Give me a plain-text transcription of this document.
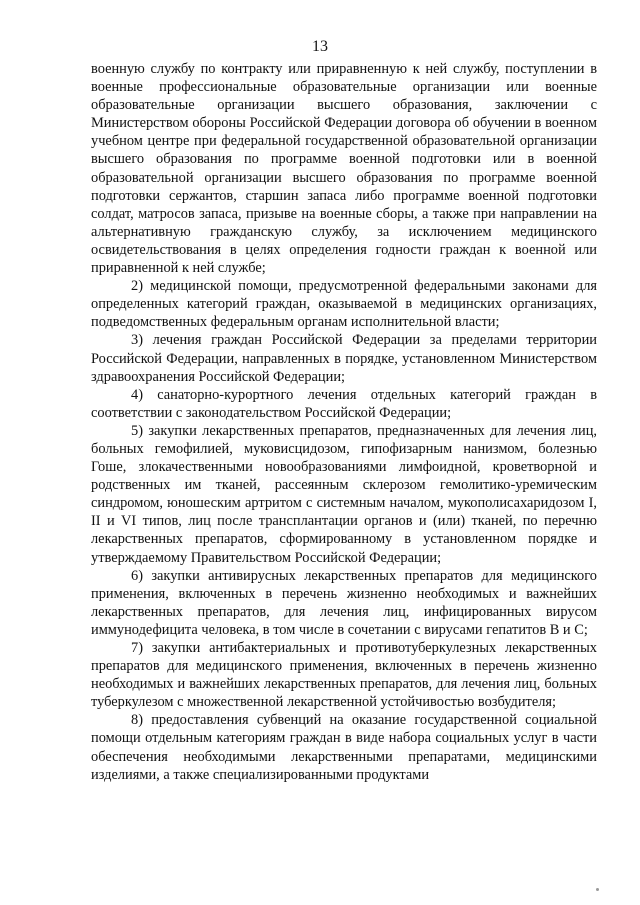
13

военную службу по контракту или приравненную к ней службу, поступлении в военные профессиональные образовательные организации или военные образовательные организации высшего образования, заключении с Министерством обороны Российской Федерации договора об обучении в военном учебном центре при федеральной государственной образовательной организации высшего образования по программе военной подготовки или в военной образовательной организации высшего образования по программе военной подготовки сержантов, старшин запаса либо программе военной подготовки солдат, матросов запаса, призыве на военные сборы, а также при направлении на альтернативную гражданскую службу, за исключением медицинского освидетельствования в целях определения годности граждан к военной или приравненной к ней службе;

2) медицинской помощи, предусмотренной федеральными законами для определенных категорий граждан, оказываемой в медицинских организациях, подведомственных федеральным органам исполнительной власти;

3) лечения граждан Российской Федерации за пределами территории Российской Федерации, направленных в порядке, установленном Министерством здравоохранения Российской Федерации;

4) санаторно-курортного лечения отдельных категорий граждан в соответствии с законодательством Российской Федерации;

5) закупки лекарственных препаратов, предназначенных для лечения лиц, больных гемофилией, муковисцидозом, гипофизарным нанизмом, болезнью Гоше, злокачественными новообразованиями лимфоидной, кроветворной и родственных им тканей, рассеянным склерозом гемолитико-уремическим синдромом, юношеским артритом с системным началом, мукополисахаридозом I, II и VI типов, лиц после трансплантации органов и (или) тканей, по перечню лекарственных препаратов, сформированному в установленном порядке и утверждаемому Правительством Российской Федерации;

6) закупки антивирусных лекарственных препаратов для медицинского применения, включенных в перечень жизненно необходимых и важнейших лекарственных препаратов, для лечения лиц, инфицированных вирусом иммунодефицита человека, в том числе в сочетании с вирусами гепатитов B и C;

7) закупки антибактериальных и противотуберкулезных лекарственных препаратов для медицинского применения, включенных в перечень жизненно необходимых и важнейших лекарственных препаратов, для лечения лиц, больных туберкулезом с множественной лекарственной устойчивостью возбудителя;

8) предоставления субвенций на оказание государственной социальной помощи отдельным категориям граждан в виде набора социальных услуг в части обеспечения необходимыми лекарственными препаратами, медицинскими изделиями, а также специализированными продуктами
